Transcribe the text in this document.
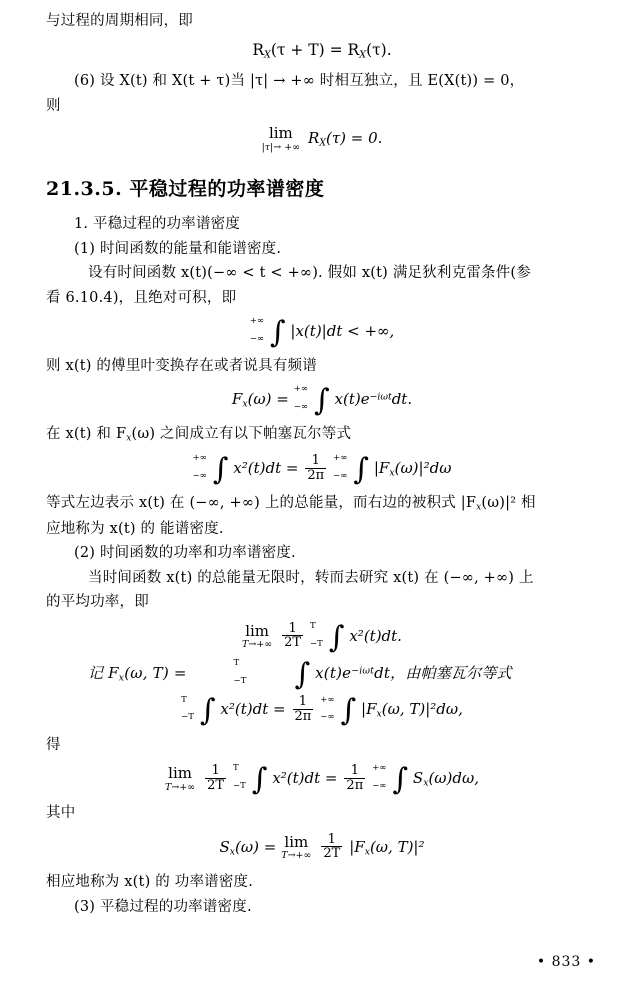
与过程的周期相同，即

$R_X(\tau + T) = R_X(\tau)$.

(6) 设 X(t) 和 X(t + τ)当 |τ| → +∞ 时相互独立，且 E(X(t)) = 0，

则

lim
|τ|→ +∞ $R_X(\tau) = 0$.
21.3.5. 平稳过程的功率谱密度

1. 平稳过程的功率谱密度

(1) 时间函数的能量和能谱密度.

设有时间函数 x(t)(−∞ < t < +∞). 假如 x(t) 满足狄利克雷条件(参

看 6.10.4)，且绝对可积，即

+∞
−∞ ∫ |x(t)|dt < +∞,

则 x(t) 的傅里叶变换存在或者说具有频谱

$F_x(\omega)$ =
+∞
−∞ ∫ $x(t)e^{-i\omega t}dt$.

在 x(t) 和 $F_x(\omega)$ 之间成立有以下帕塞瓦尔等式

+∞
−∞ ∫ $x^2(t)dt = \frac{1}{2\pi}$
+∞
−∞ ∫ $|F_x(\omega)|^2d\omega$

等式左边表示 x(t) 在 (−∞, +∞) 上的总能量，而右边的被积式 $|F_x(\omega)|^2$ 相

应地称为 x(t) 的 能谱密度.

(2) 时间函数的功率和功率谱密度.

当时间函数 x(t) 的总能量无限时，转而去研究 x(t) 在 (−∞, +∞) 上

的平均功率，即

lim
T→+∞
$\frac{1}{2T}$
T
−T ∫ x²(t)dt.

记 $F_x(\omega$, T) =
T
−T ∫ $x(t)e^{-i\omega t}dt$，由帕塞瓦尔等式

T
−T ∫ $x^2(t)dt = \frac{1}{2\pi}$
+∞
−∞ ∫ $|F_x(\omega$, T)|²dω,

得

lim
T→+∞
$\frac{1}{2T}$
T
−T ∫ $x^2(t)dt = \frac{1}{2\pi}$
+∞
−∞ ∫ $S_x(\omega)d\omega$,

其中

$S_x(\omega) = \lim$
T→+∞
$\frac{1}{2T} |F_x(\omega$, T)|²

相应地称为 x(t) 的 功率谱密度.

(3) 平稳过程的功率谱密度.

• 833 •
